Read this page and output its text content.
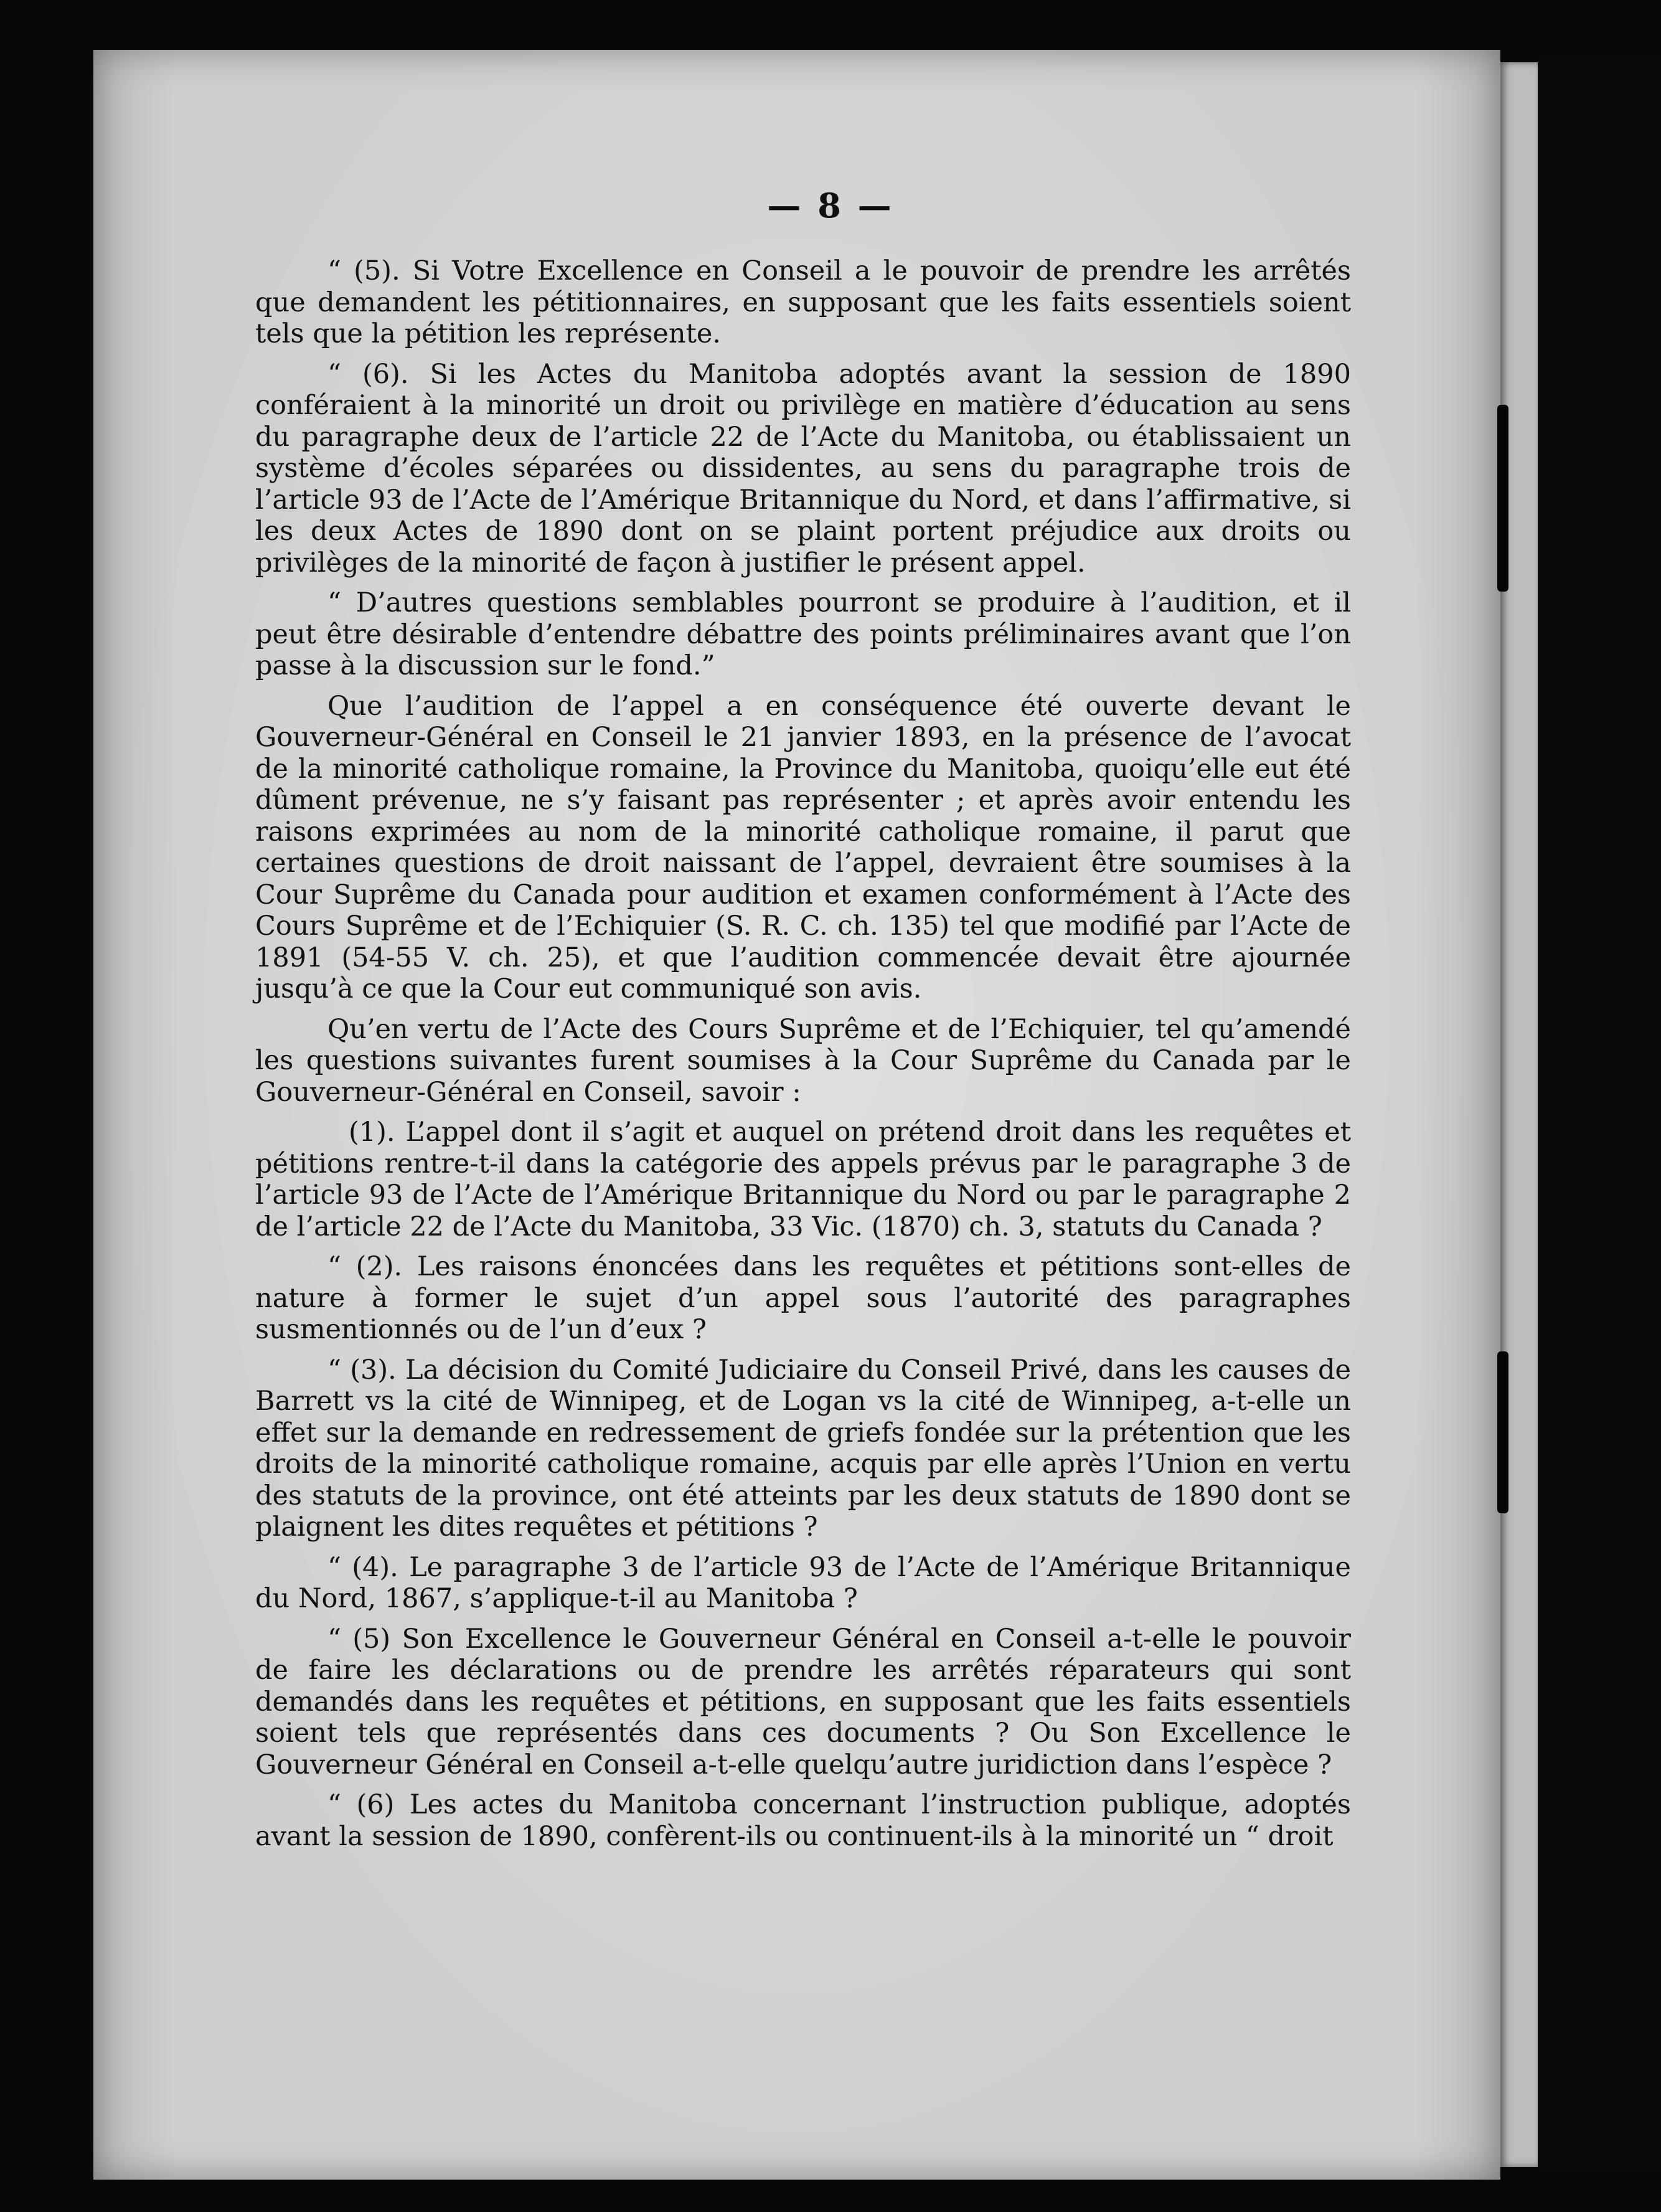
— 8 —

“ (5). Si Votre Excellence en Conseil a le pouvoir de prendre les arrêtés que demandent les pétitionnaires, en supposant que les faits essentiels soient tels que la pétition les représente.

“ (6). Si les Actes du Manitoba adoptés avant la session de 1890 conféraient à la minorité un droit ou privilège en matière d’éducation au sens du paragraphe deux de l’article 22 de l’Acte du Manitoba, ou établissaient un système d’écoles séparées ou dissidentes, au sens du paragraphe trois de l’article 93 de l’Acte de l’Amérique Britannique du Nord, et dans l’affirmative, si les deux Actes de 1890 dont on se plaint portent préjudice aux droits ou privilèges de la minorité de façon à justifier le présent appel.

“ D’autres questions semblables pourront se produire à l’audition, et il peut être désirable d’entendre débattre des points préliminaires avant que l’on passe à la discussion sur le fond.”

Que l’audition de l’appel a en conséquence été ouverte devant le Gouverneur-Général en Conseil le 21 janvier 1893, en la présence de l’avocat de la minorité catholique romaine, la Province du Manitoba, quoiqu’elle eut été dûment prévenue, ne s’y faisant pas représenter ; et après avoir entendu les raisons exprimées au nom de la minorité catholique romaine, il parut que certaines questions de droit naissant de l’appel, devraient être soumises à la Cour Suprême du Canada pour audition et examen conformément à l’Acte des Cours Suprême et de l’Echiquier (S. R. C. ch. 135) tel que modifié par l’Acte de 1891 (54-55 V. ch. 25), et que l’audition commencée devait être ajournée jusqu’à ce que la Cour eut communiqué son avis.

Qu’en vertu de l’Acte des Cours Suprême et de l’Echiquier, tel qu’amendé les questions suivantes furent soumises à la Cour Suprême du Canada par le Gouverneur-Général en Conseil, savoir :

(1). L’appel dont il s’agit et auquel on prétend droit dans les requêtes et pétitions rentre-t-il dans la catégorie des appels prévus par le paragraphe 3 de l’article 93 de l’Acte de l’Amérique Britannique du Nord ou par le paragraphe 2 de l’article 22 de l’Acte du Manitoba, 33 Vic. (1870) ch. 3, statuts du Canada ?

“ (2). Les raisons énoncées dans les requêtes et pétitions sont-elles de nature à former le sujet d’un appel sous l’autorité des paragraphes susmentionnés ou de l’un d’eux ?

“ (3). La décision du Comité Judiciaire du Conseil Privé, dans les causes de Barrett vs la cité de Winnipeg, et de Logan vs la cité de Winnipeg, a-t-elle un effet sur la demande en redressement de griefs fondée sur la prétention que les droits de la minorité catholique romaine, acquis par elle après l’Union en vertu des statuts de la province, ont été atteints par les deux statuts de 1890 dont se plaignent les dites requêtes et pétitions ?

“ (4). Le paragraphe 3 de l’article 93 de l’Acte de l’Amérique Britannique du Nord, 1867, s’applique-t-il au Manitoba ?

“ (5) Son Excellence le Gouverneur Général en Conseil a-t-elle le pouvoir de faire les déclarations ou de prendre les arrêtés réparateurs qui sont demandés dans les requêtes et pétitions, en supposant que les faits essentiels soient tels que représentés dans ces documents ? Ou Son Excellence le Gouverneur Général en Conseil a-t-elle quelqu’autre juridiction dans l’espèce ?

“ (6) Les actes du Manitoba concernant l’instruction publique, adoptés avant la session de 1890, confèrent-ils ou continuent-ils à la minorité un “ droit
